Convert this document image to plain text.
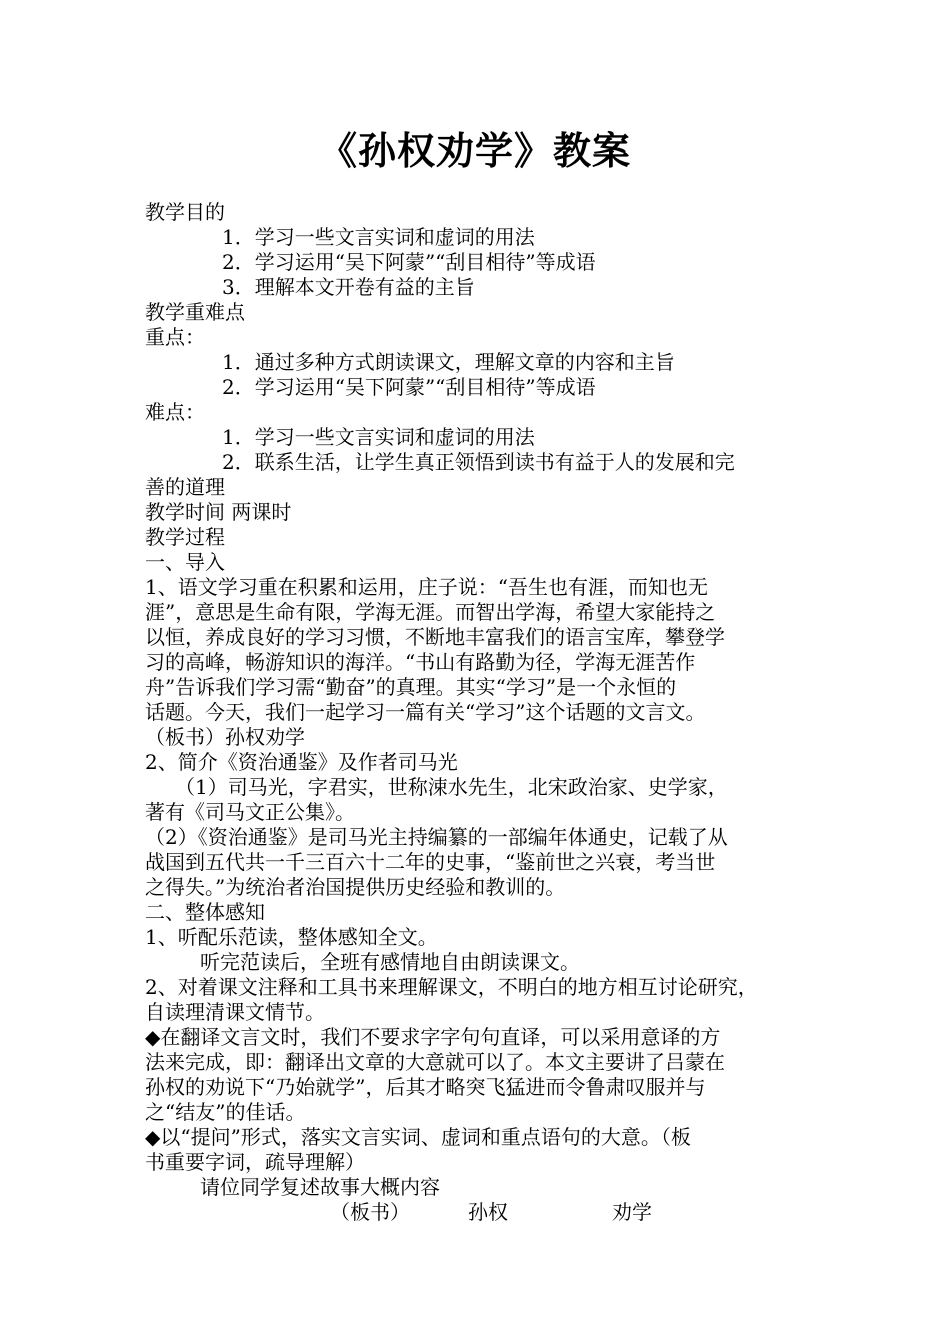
《孙权劝学》教案
教学目的
1．学习一些文言实词和虚词的用法
2．学习运用“吴下阿蒙”“刮目相待”等成语
3．理解本文开卷有益的主旨
教学重难点
重点：
1．通过多种方式朗读课文，理解文章的内容和主旨
2．学习运用“吴下阿蒙”“刮目相待”等成语
难点：
1．学习一些文言实词和虚词的用法
2．联系生活，让学生真正领悟到读书有益于人的发展和完
善的道理
教学时间 两课时
教学过程
一、导入
1、语文学习重在积累和运用，庄子说：“吾生也有涯，而知也无
涯”，意思是生命有限，学海无涯。而智出学海，希望大家能持之
以恒，养成良好的学习习惯，不断地丰富我们的语言宝库，攀登学
习的高峰，畅游知识的海洋。“书山有路勤为径，学海无涯苦作
舟”告诉我们学习需“勤奋”的真理。其实“学习”是一个永恒的
话题。今天，我们一起学习一篇有关“学习”这个话题的文言文。
（板书）孙权劝学
2、简介《资治通鉴》及作者司马光
（1）司马光，字君实，世称涑水先生，北宋政治家、史学家，
著有《司马文正公集》。
（2）《资治通鉴》是司马光主持编纂的一部编年体通史，记载了从
战国到五代共一千三百六十二年的史事，“鉴前世之兴衰，考当世
之得失。”为统治者治国提供历史经验和教训的。
二、整体感知
1、听配乐范读，整体感知全文。
听完范读后，全班有感情地自由朗读课文。
2、对着课文注释和工具书来理解课文，不明白的地方相互讨论研究，
自读理清课文情节。
◆在翻译文言文时，我们不要求字字句句直译，可以采用意译的方
法来完成，即：翻译出文章的大意就可以了。本文主要讲了吕蒙在
孙权的劝说下“乃始就学”，后其才略突飞猛进而令鲁肃叹服并与
之“结友”的佳话。
◆以“提问”形式，落实文言实词、虚词和重点语句的大意。（板
书重要字词，疏导理解）
请位同学复述故事大概内容
（板书）	孙权	劝学
